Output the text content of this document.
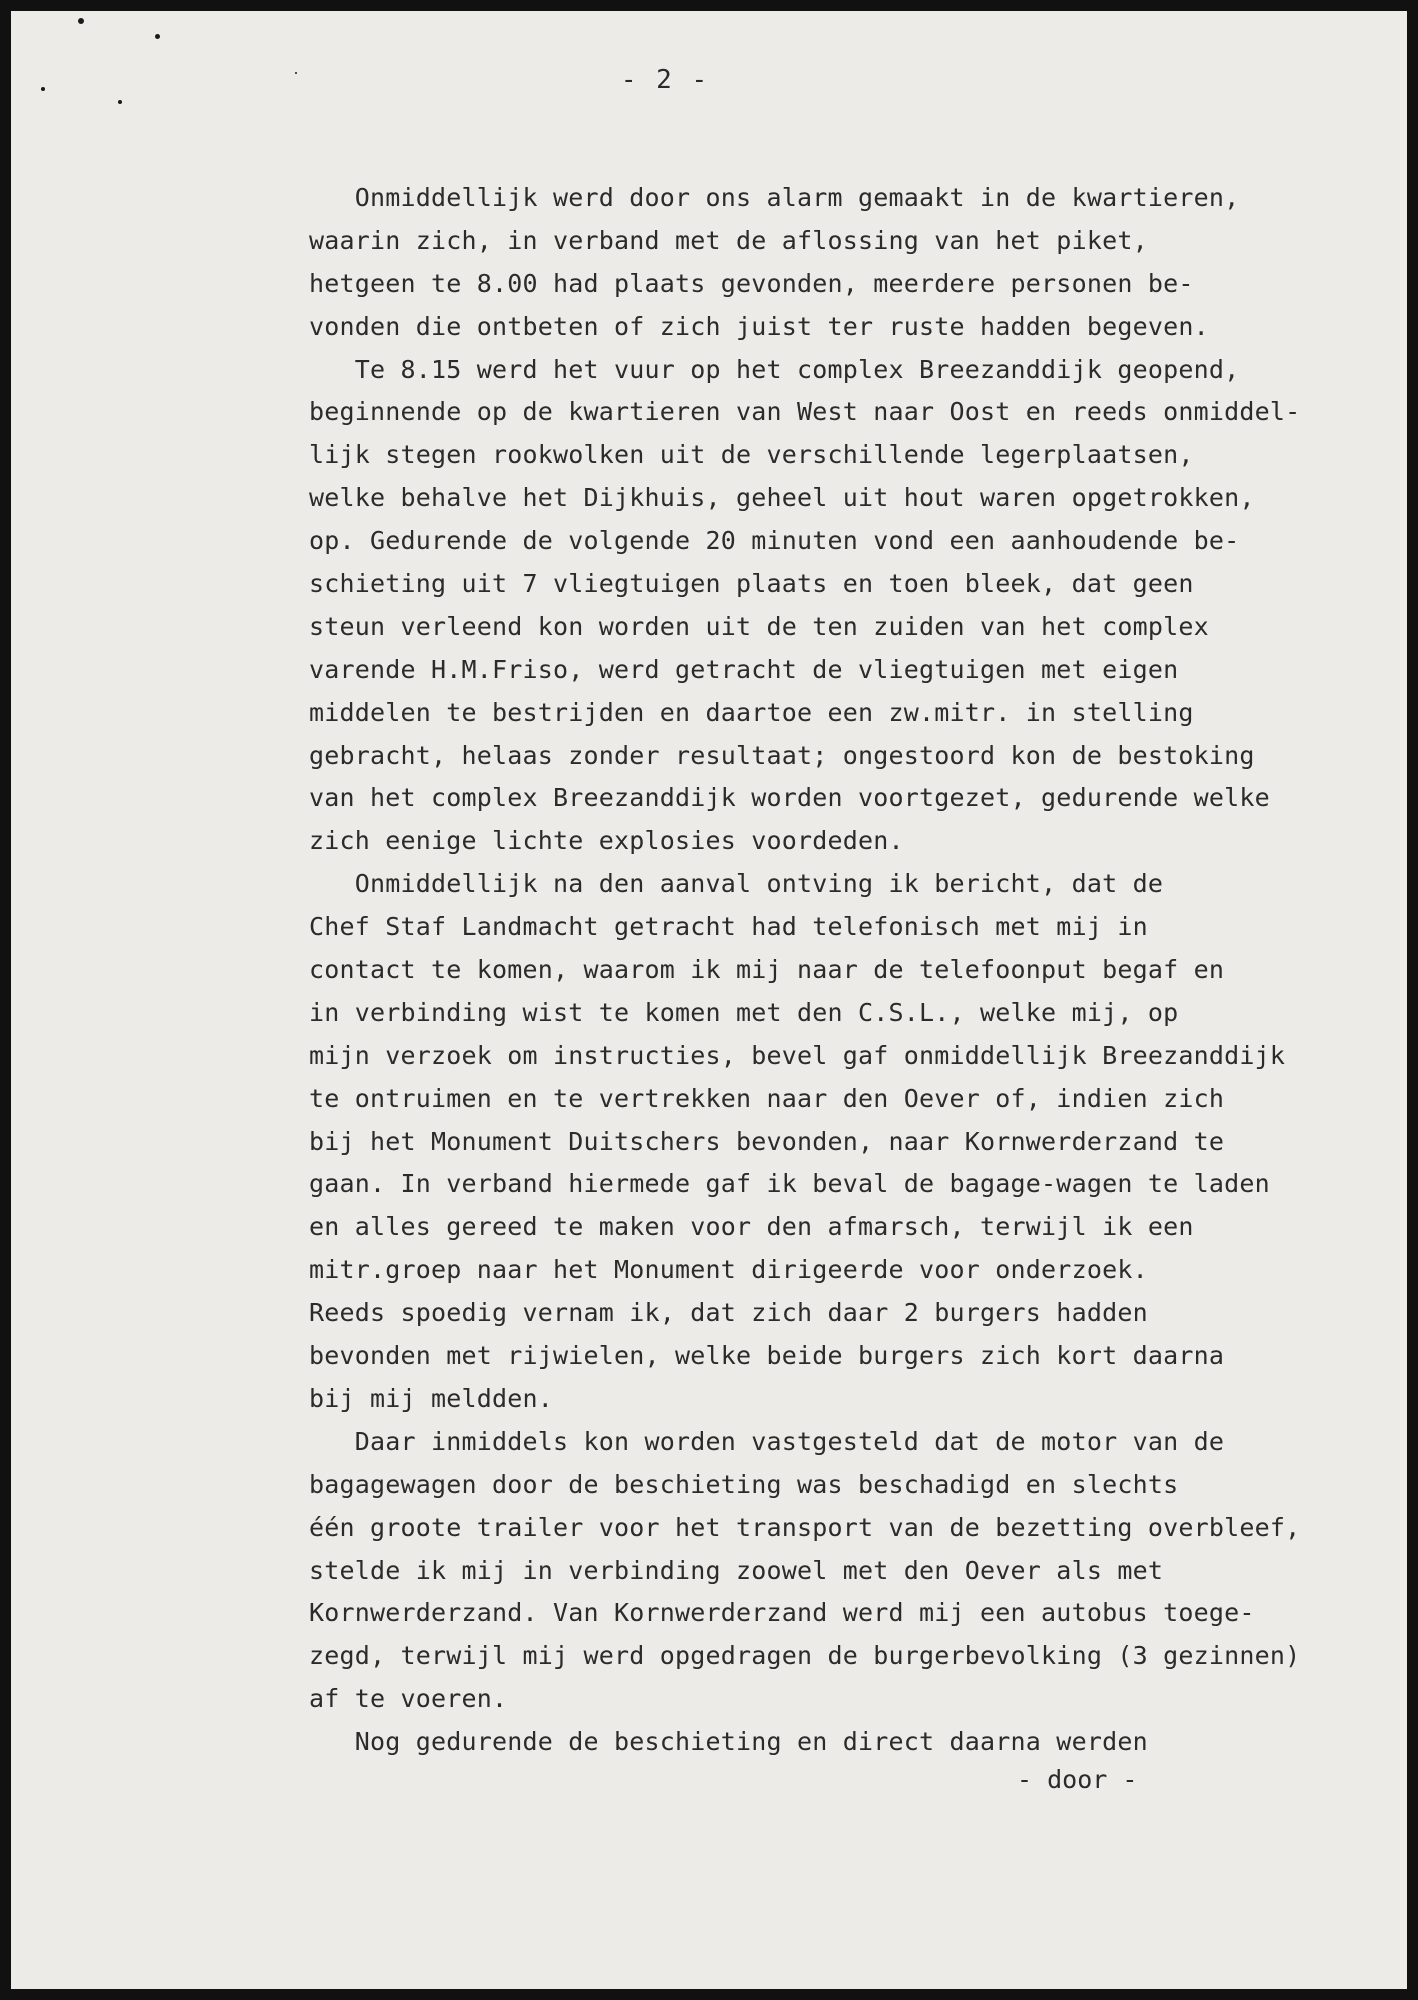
- 2 -
Onmiddellijk werd door ons alarm gemaakt in de kwartieren,
waarin zich, in verband met de aflossing van het piket,
hetgeen te 8.00 had plaats gevonden, meerdere personen be-
vonden die ontbeten of zich juist ter ruste hadden begeven.
Te 8.15 werd het vuur op het complex Breezanddijk geopend,
beginnende op de kwartieren van West naar Oost en reeds onmiddel-
lijk stegen rookwolken uit de verschillende legerplaatsen,
welke behalve het Dijkhuis, geheel uit hout waren opgetrokken,
op. Gedurende de volgende 20 minuten vond een aanhoudende be-
schieting uit 7 vliegtuigen plaats en toen bleek, dat geen
steun verleend kon worden uit de ten zuiden van het complex
varende H.M.Friso, werd getracht de vliegtuigen met eigen
middelen te bestrijden en daartoe een zw.mitr. in stelling
gebracht, helaas zonder resultaat; ongestoord kon de bestoking
van het complex Breezanddijk worden voortgezet, gedurende welke
zich eenige lichte explosies voordeden.
Onmiddellijk na den aanval ontving ik bericht, dat de
Chef Staf Landmacht getracht had telefonisch met mij in
contact te komen, waarom ik mij naar de telefoonput begaf en
in verbinding wist te komen met den C.S.L., welke mij, op
mijn verzoek om instructies, bevel gaf onmiddellijk Breezanddijk
te ontruimen en te vertrekken naar den Oever of, indien zich
bij het Monument Duitschers bevonden, naar Kornwerderzand te
gaan. In verband hiermede gaf ik beval de bagage-wagen te laden
en alles gereed te maken voor den afmarsch, terwijl ik een
mitr.groep naar het Monument dirigeerde voor onderzoek.
Reeds spoedig vernam ik, dat zich daar 2 burgers hadden
bevonden met rijwielen, welke beide burgers zich kort daarna
bij mij meldden.
Daar inmiddels kon worden vastgesteld dat de motor van de
bagagewagen door de beschieting was beschadigd en slechts
één groote trailer voor het transport van de bezetting overbleef,
stelde ik mij in verbinding zoowel met den Oever als met
Kornwerderzand. Van Kornwerderzand werd mij een autobus toege-
zegd, terwijl mij werd opgedragen de burgerbevolking (3 gezinnen)
af te voeren.
Nog gedurende de beschieting en direct daarna werden
- door -
